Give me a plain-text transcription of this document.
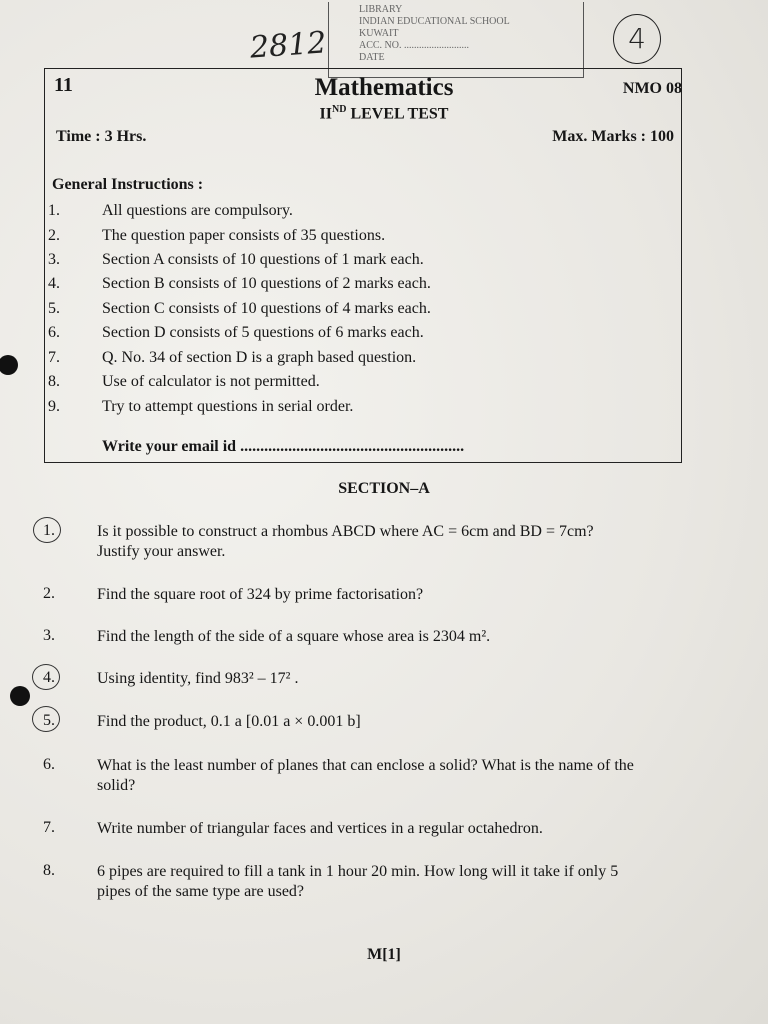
LIBRARY
INDIAN EDUCATIONAL SCHOOL
KUWAIT
ACC. NO. ..........................
DATE
2812	4
11	Mathematics	NMO 08
IIND LEVEL TEST
Time : 3 Hrs.	Max. Marks : 100
General Instructions :
1.	All questions are compulsory.
2.	The question paper consists of 35 questions.
3.	Section A consists of 10 questions of 1 mark each.
4.	Section B consists of 10 questions of 2 marks each.
5.	Section C consists of 10 questions of 4 marks each.
6.	Section D consists of 5 questions of 6 marks each.
7.	Q. No. 34 of section D is a graph based question.
8.	Use of calculator is not permitted.
9.	Try to attempt questions in serial order.
Write your email id ........................................................
SECTION–A
1.	Is it possible to construct a rhombus ABCD where AC = 6cm and BD = 7cm?
Justify your answer.
2.	Find the square root of 324 by prime factorisation?
3.	Find the length of the side of a square whose area is 2304 m².
4.	Using identity, find 983² – 17² .
5.	Find the product, 0.1 a [0.01 a × 0.001 b]
6.	What is the least number of planes that can enclose a solid? What is the name of the
solid?
7.	Write number of triangular faces and vertices in a regular octahedron.
8.	6 pipes are required to fill a tank in 1 hour 20 min. How long will it take if only 5
pipes of the same type are used?
M[1]
